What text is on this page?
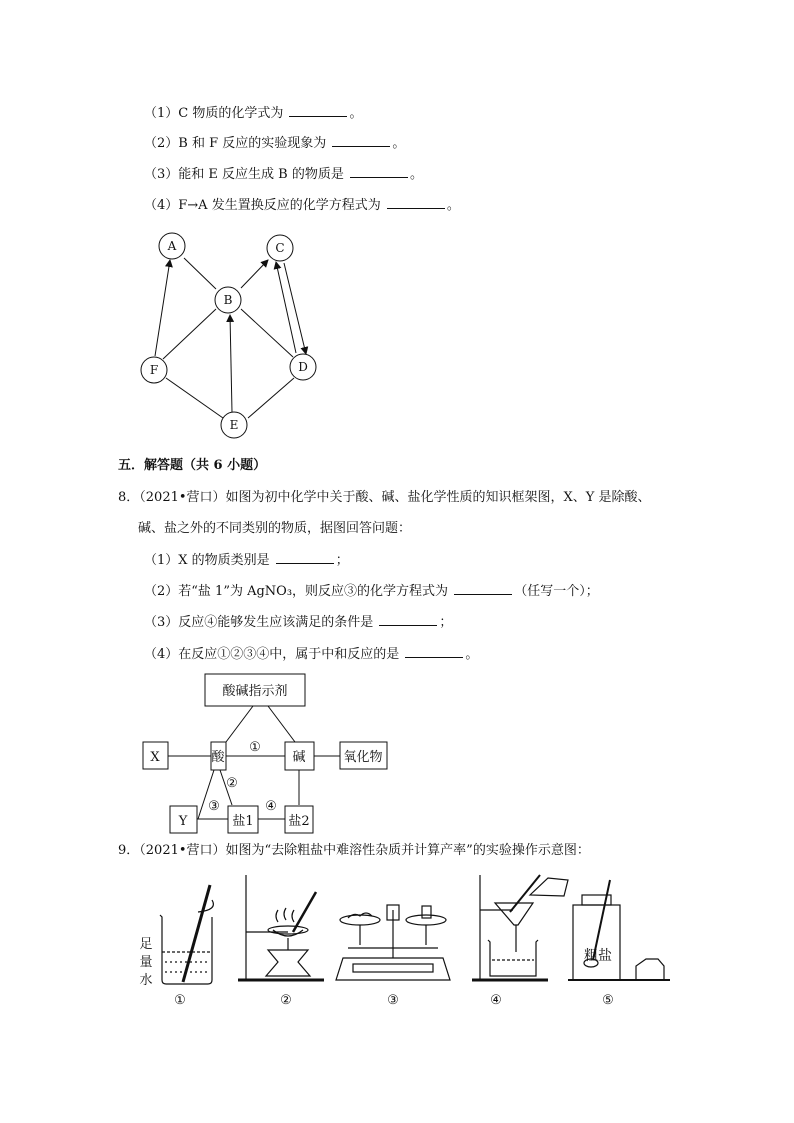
（1）C 物质的化学式为	。
（2）B 和 F 反应的实验现象为	。
（3）能和 E 反应生成 B 的物质是	。
（4）F→A 发生置换反应的化学方程式为	。
A
B
C
D
E
F
五．解答题（共 6 小题）
8．（2021•营口）如图为初中化学中关于酸、碱、盐化学性质的知识框架图，X、Y 是除酸、
碱、盐之外的不同类别的物质，据图回答问题：
（1）X 的物质类别是	；
（2）若“盐 1”为 AgNO₃，则反应③的化学方程式为	（任写一个）；
（3）反应④能够发生应该满足的条件是	；
（4）在反应①②③④中，属于中和反应的是	。
酸碱指示剂
X	酸	碱	氧化物
Y	盐1	盐2
①
②
③	④
9．（2021•营口）如图为“去除粗盐中难溶性杂质并计算产率”的实验操作示意图：
足
量
水
粗盐
①	②	③	④	⑤
